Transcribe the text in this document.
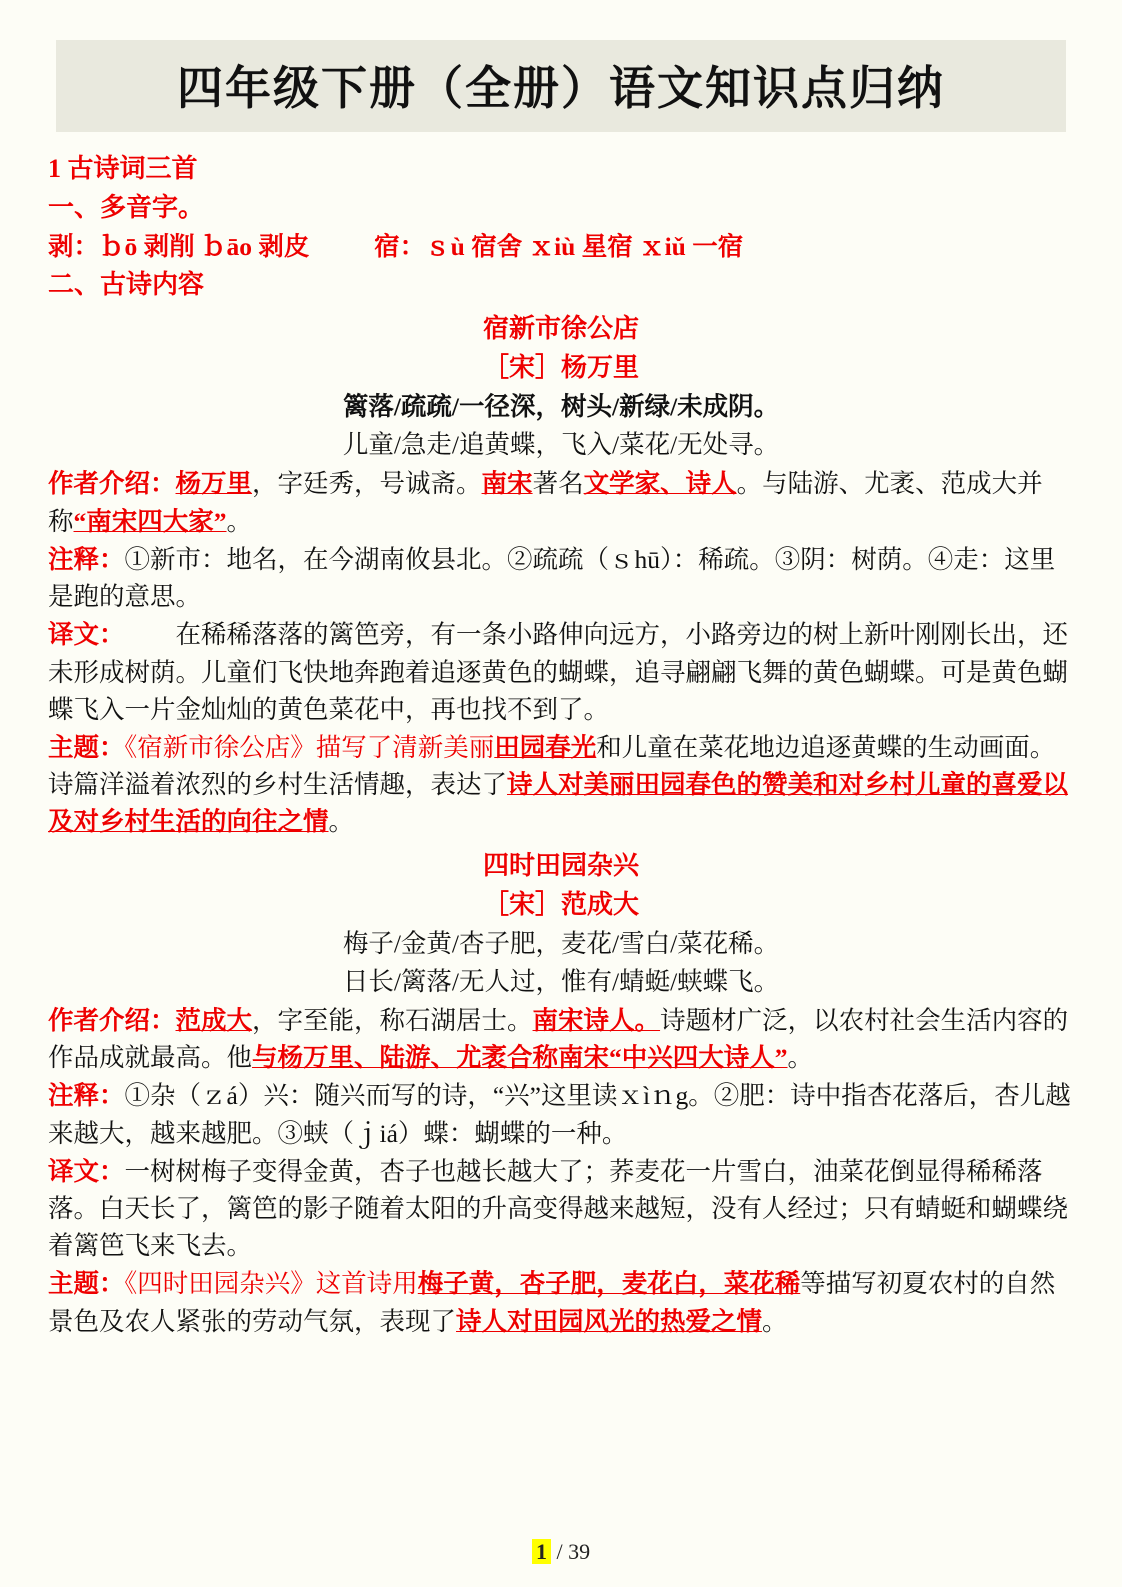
四年级下册（全册）语文知识点归纳

1 古诗词三首

一、多音字。

剥：ｂō 剥削 ｂāo 剥皮	宿：ｓù 宿舍 ｘiù 星宿 ｘiǔ 一宿

二、古诗内容

宿新市徐公店

［宋］杨万里

篱落/疏疏/一径深，树头/新绿/未成阴。

儿童/急走/追黄蝶，飞入/菜花/无处寻。

作者介绍：杨万里，字廷秀，号诚斋。南宋著名文学家、诗人。与陆游、尤袤、范成大并称“南宋四大家”。

注释：①新市：地名，在今湖南攸县北。②疏疏（ｓhū）：稀疏。③阴：树荫。④走：这里是跑的意思。

译文： 在稀稀落落的篱笆旁，有一条小路伸向远方，小路旁边的树上新叶刚刚长出，还未形成树荫。儿童们飞快地奔跑着追逐黄色的蝴蝶，追寻翩翩飞舞的黄色蝴蝶。可是黄色蝴蝶飞入一片金灿灿的黄色菜花中，再也找不到了。

主题：《宿新市徐公店》描写了清新美丽田园春光和儿童在菜花地边追逐黄蝶的生动画面。诗篇洋溢着浓烈的乡村生活情趣，表达了诗人对美丽田园春色的赞美和对乡村儿童的喜爱以及对乡村生活的向往之情。

四时田园杂兴

［宋］范成大

梅子/金黄/杏子肥，麦花/雪白/菜花稀。

日长/篱落/无人过，惟有/蜻蜓/蛱蝶飞。

作者介绍：范成大，字至能，称石湖居士。南宋诗人。诗题材广泛，以农村社会生活内容的作品成就最高。他与杨万里、陆游、尤袤合称南宋“中兴四大诗人”。

注释：①杂（ｚá）兴：随兴而写的诗，“兴”这里读ｘìｎg。②肥：诗中指杏花落后，杏儿越来越大，越来越肥。③蛱（ｊiá）蝶：蝴蝶的一种。

译文：一树树梅子变得金黄，杏子也越长越大了；荞麦花一片雪白，油菜花倒显得稀稀落落。白天长了，篱笆的影子随着太阳的升高变得越来越短，没有人经过；只有蜻蜓和蝴蝶绕着篱笆飞来飞去。

主题：《四时田园杂兴》这首诗用梅子黄，杏子肥，麦花白，菜花稀等描写初夏农村的自然景色及农人紧张的劳动气氛，表现了诗人对田园风光的热爱之情。

1 / 39
